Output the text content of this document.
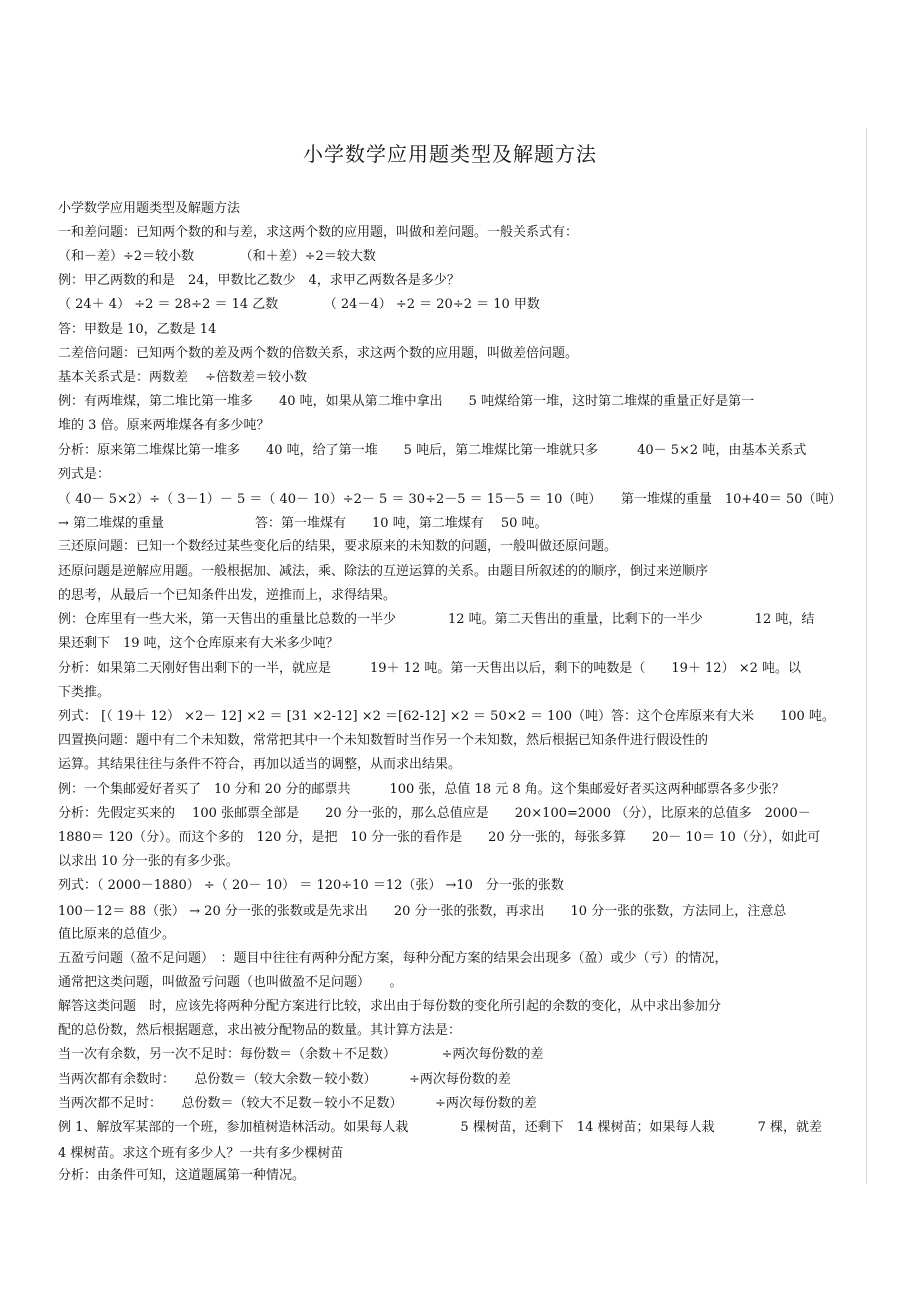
小学数学应用题类型及解题方法
小学数学应用题类型及解题方法
一和差问题：已知两个数的和与差，求这两个数的应用题，叫做和差问题。一般关系式有：
（和－差）÷2＝较小数　　　　（和＋差）÷2＝较大数
例：甲乙两数的和是　24，甲数比乙数少　4，求甲乙两数各是多少？
（ 24＋ 4） ÷2 ＝ 28÷2 ＝ 14 乙数　　　　（ 24－4） ÷2 ＝ 20÷2 ＝ 10 甲数
答：甲数是 10，乙数是 14
二差倍问题：已知两个数的差及两个数的倍数关系，求这两个数的应用题，叫做差倍问题。
基本关系式是：两数差　 ÷倍数差＝较小数
例：有两堆煤，第二堆比第一堆多　　40 吨，如果从第二堆中拿出　　5 吨煤给第一堆，这时第二堆煤的重量正好是第一
堆的 3 倍。原来两堆煤各有多少吨？
分析：原来第二堆煤比第一堆多　　40 吨，给了第一堆　　5 吨后，第二堆煤比第一堆就只多　　　40－ 5×2 吨，由基本关系式
列式是：
（ 40－ 5×2）÷（ 3－1）－ 5 ＝（ 40－ 10）÷2－ 5 ＝ 30÷2－5 ＝ 15－5 ＝ 10（吨）　　第一堆煤的重量　10+40＝ 50（吨）
→ 第二堆煤的重量　　　　　　　答：第一堆煤有　　10 吨，第二堆煤有　 50 吨。
三还原问题：已知一个数经过某些变化后的结果，要求原来的未知数的问题，一般叫做还原问题。
还原问题是逆解应用题。一般根据加、减法，乘、除法的互逆运算的关系。由题目所叙述的的顺序，倒过来逆顺序
的思考，从最后一个已知条件出发，逆推而上，求得结果。
例：仓库里有一些大米，第一天售出的重量比总数的一半少　　　　12 吨。第二天售出的重量，比剩下的一半少　　　　12 吨，结
果还剩下　19 吨，这个仓库原来有大米多少吨？
分析：如果第二天刚好售出剩下的一半，就应是　　　19＋ 12 吨。第一天售出以后，剩下的吨数是（　　19＋ 12） ×2 吨。以
下类推。
列式： [（ 19＋ 12） ×2－ 12] ×2 ＝ [31 ×2-12] ×2 ＝[62-12] ×2 ＝ 50×2 ＝ 100（吨）答：这个仓库原来有大米　　100 吨。
四置换问题：题中有二个未知数，常常把其中一个未知数暂时当作另一个未知数，然后根据已知条件进行假设性的
运算。其结果往往与条件不符合，再加以适当的调整，从而求出结果。
例：一个集邮爱好者买了　10 分和 20 分的邮票共　　　100 张，总值 18 元 8 角。这个集邮爱好者买这两种邮票各多少张？
分析：先假定买来的　 100 张邮票全部是　　20 分一张的，那么总值应是　　20×100=2000 （分），比原来的总值多　2000－
1880＝ 120（分）。而这个多的　120 分，是把　10 分一张的看作是　　20 分一张的，每张多算　　20－ 10＝ 10（分），如此可
以求出 10 分一张的有多少张。
列式：（ 2000－1880） ÷（ 20－ 10） ＝ 120÷10 ＝12（张） →10　分一张的张数
100－12＝ 88（张） → 20 分一张的张数或是先求出　　20 分一张的张数，再求出　　10 分一张的张数，方法同上，注意总
值比原来的总值少。
五盈亏问题（盈不足问题）　：题目中往往有两种分配方案，每种分配方案的结果会出现多（盈）或少（亏）的情况，
通常把这类问题，叫做盈亏问题（也叫做盈不足问题）　　。
解答这类问题　时，应该先将两种分配方案进行比较，求出由于每份数的变化所引起的余数的变化，从中求出参加分
配的总份数，然后根据题意，求出被分配物品的数量。其计算方法是：
当一次有余数，另一次不足时：每份数＝（余数＋不足数）　　　　÷两次每份数的差
当两次都有余数时：　　总份数＝（较大余数－较小数）　　　÷两次每份数的差
当两次都不足时：　　总份数＝（较大不足数－较小不足数）　　　÷两次每份数的差
例 1、解放军某部的一个班，参加植树造林活动。如果每人栽　　　　5 棵树苗，还剩下　14 棵树苗；如果每人栽　　　 7 棵，就差
4 棵树苗。求这个班有多少人？一共有多少棵树苗
分析：由条件可知，这道题属第一种情况。
